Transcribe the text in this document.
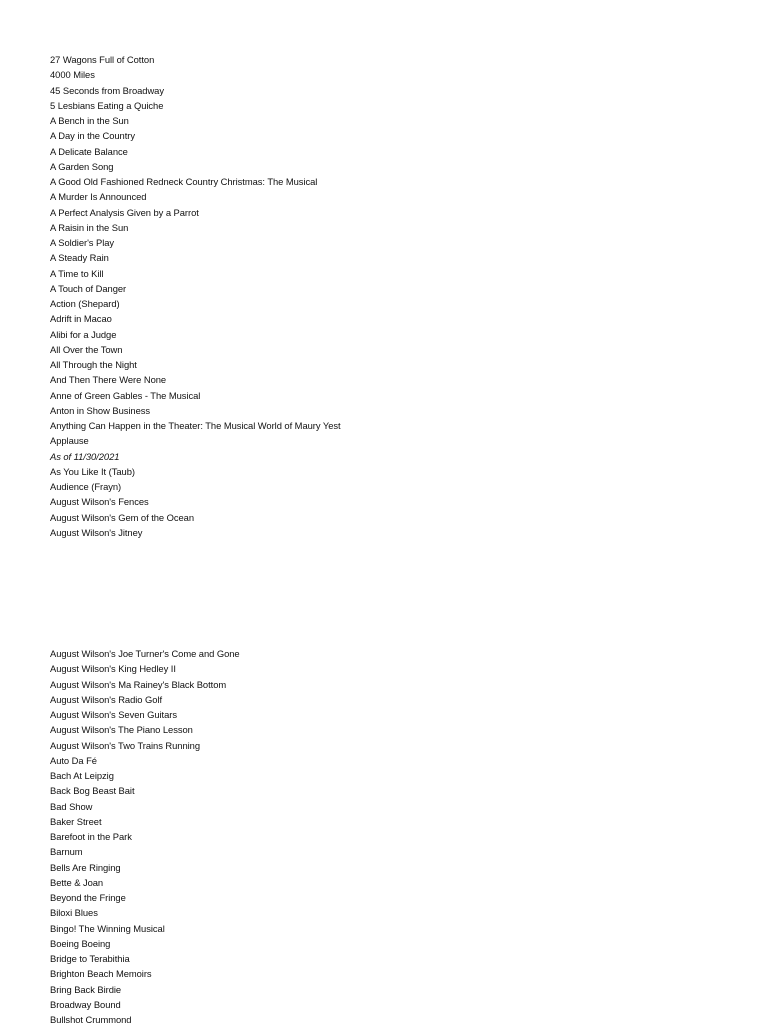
27 Wagons Full of Cotton
4000 Miles
45 Seconds from Broadway
5 Lesbians Eating a Quiche
A Bench in the Sun
A Day in the Country
A Delicate Balance
A Garden Song
A Good Old Fashioned Redneck Country Christmas: The Musical
A Murder Is Announced
A Perfect Analysis Given by a Parrot
A Raisin in the Sun
A Soldier's Play
A Steady Rain
A Time to Kill
A Touch of Danger
Action (Shepard)
Adrift in Macao
Alibi for a Judge
All Over the Town
All Through the Night
And Then There Were None
Anne of Green Gables - The Musical
Anton in Show Business
Anything Can Happen in the Theater: The Musical World of Maury Yest
Applause
As of 11/30/2021
As You Like It (Taub)
Audience (Frayn)
August Wilson's Fences
August Wilson's Gem of the Ocean
August Wilson's Jitney
August Wilson's Joe Turner's Come and Gone
August Wilson's King Hedley II
August Wilson's Ma Rainey's Black Bottom
August Wilson's Radio Golf
August Wilson's Seven Guitars
August Wilson's The Piano Lesson
August Wilson's Two Trains Running
Auto Da Fé
Bach At Leipzig
Back Bog Beast Bait
Bad Show
Baker Street
Barefoot in the Park
Barnum
Bells Are Ringing
Bette & Joan
Beyond the Fringe
Biloxi Blues
Bingo! The Winning Musical
Boeing Boeing
Bridge to Terabithia
Brighton Beach Memoirs
Bring Back Birdie
Broadway Bound
Bullshot Crummond
